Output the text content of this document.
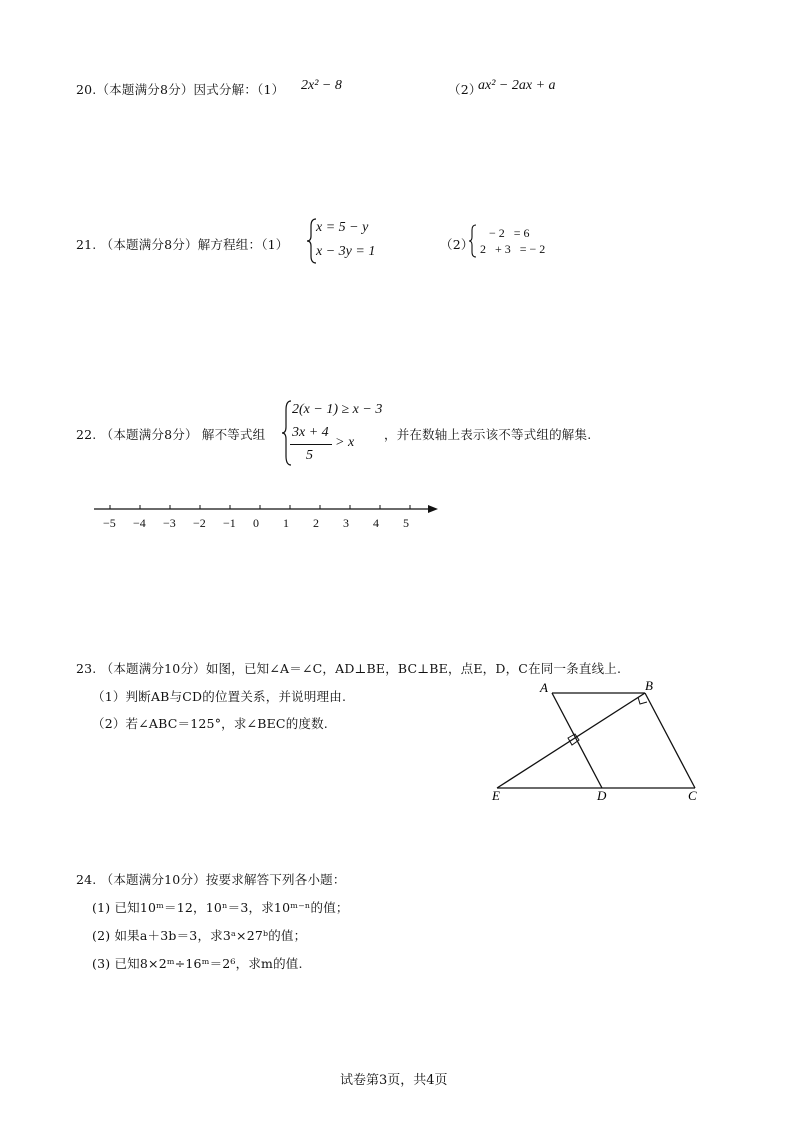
20.（本题满分8分）因式分解：（1） 2x² − 8	（2）
ax² − 2ax + a
21. （本题满分8分）解方程组：（1）
x = 5 − y
x − 3y = 1	（2）
− 2   = 6
2   + 3   = − 2
22. （本题满分8分） 解不等式组
2(x − 1) ≥ x − 3
3x + 4
5
> x
，并在数轴上表示该不等式组的解集.
−5 −4 −3 −2 −1 0 1 2 3 4 5
23. （本题满分10分）如图，已知∠A＝∠C，AD⊥BE，BC⊥BE，点E，D，C在同一条直线上.
（1）判断AB与CD的位置关系，并说明理由.
（2）若∠ABC＝125°，求∠BEC的度数.
A	B
C
D
E
24. （本题满分10分）按要求解答下列各小题：
(1) 已知10ᵐ＝12，10ⁿ＝3，求10ᵐ⁻ⁿ的值；
(2) 如果a＋3b＝3，求3ᵃ×27ᵇ的值；
(3) 已知8×2ᵐ÷16ᵐ＝2⁶，求m的值.
试卷第3页，共4页
